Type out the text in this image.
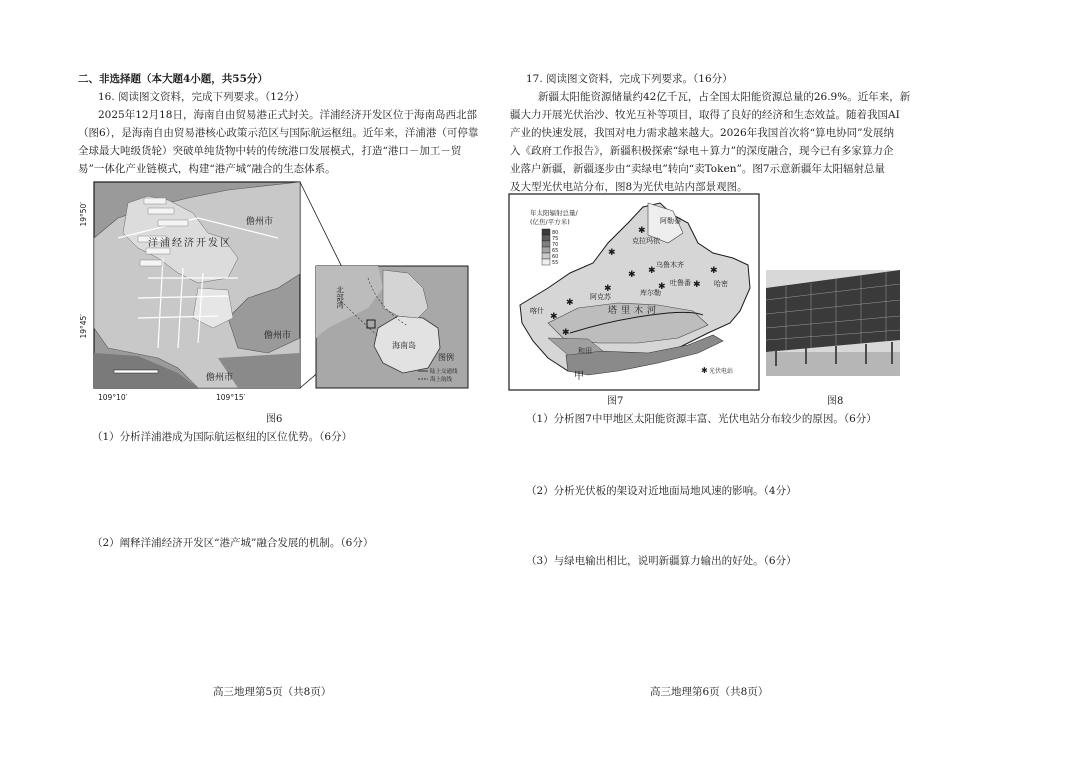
二、非选择题（本大题4小题，共55分）
16. 阅读图文资料，完成下列要求。（12分）
2025年12月18日，海南自由贸易港正式封关。洋浦经济开发区位于海南岛西北部
（图6），是海南自由贸易港核心政策示范区与国际航运枢纽。近年来，洋浦港（可停靠
全球最大吨级货轮）突破单纯货物中转的传统港口发展模式，打造“港口－加工－贸
易”一体化产业链模式，构建“港产城”融合的生态体系。
19°50′
19°45′
109°10′	109°15′
儋州市
儋州市
儋州市
洋浦经济开发区
北部湾
海南岛
图例
陆上交通线
海上航线
图6
（1）分析洋浦港成为国际航运枢纽的区位优势。（6分）
（2）阐释洋浦经济开发区“港产城”融合发展的机制。（6分）
高三地理第5页（共8页）
17. 阅读图文资料，完成下列要求。（16分）
新疆太阳能资源储量约42亿千瓦，占全国太阳能资源总量的26.9%。近年来，新
疆大力开展光伏治沙、牧光互补等项目，取得了良好的经济和生态效益。随着我国AI
产业的快速发展，我国对电力需求越来越大。2026年我国首次将“算电协同”发展纳
入《政府工作报告》，新疆积极探索“绿电＋算力”的深度融合，现今已有多家算力企
业落户新疆，新疆逐步由“卖绿电”转向“卖Token”。图7示意新疆年太阳辐射总量
及大型光伏电站分布，图8为光伏电站内部景观图。
年太阳辐射总量/
(亿焦/平方米)
80
75
70
65
60
55
阿勒泰
克拉玛依
乌鲁木齐
吐鲁番	哈密
库尔勒
阿克苏
喀什
和田
塔里木河
甲
✱
✱
✱
✱	✱
✱
✱
✱
✱
✱
✱
✱ 光伏电站
图7	图8
（1）分析图7中甲地区太阳能资源丰富、光伏电站分布较少的原因。（6分）
（2）分析光伏板的架设对近地面局地风速的影响。（4分）
（3）与绿电输出相比，说明新疆算力输出的好处。（6分）
高三地理第6页（共8页）
